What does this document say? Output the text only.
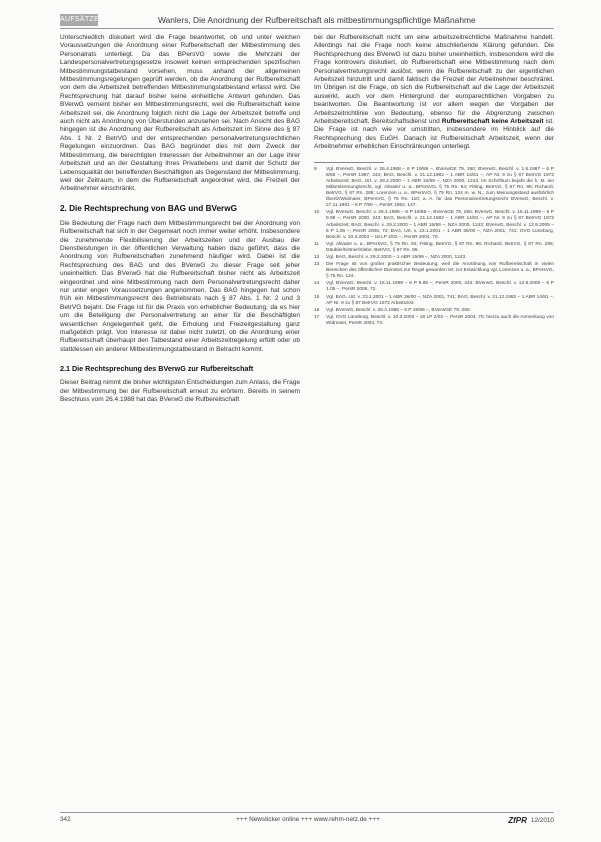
AUFSÄTZE	Wanlers, Die Anordnung der Rufbereitschaft als mitbestimmungspflichtige Maßnahme

Unterschiedlich diskutiert wird die Frage beantwortet, ob und unter welchen Voraussetzungen die Anordnung einer Rufbereitschaft der Mitbestimmung des Personalrats unterliegt. Da das BPersVG sowie die Mehrzahl der Landespersonalvertretungsgesetze insoweit keinen entsprechenden spezifischen Mitbestimmungstatbestand vorsehen, muss anhand der allgemeinen Mitbestimmungsregelungen geprüft werden, ob die Anordnung der Rufbereitschaft von dem die Arbeitszeit betreffenden Mitbestimmungstatbestand erfasst wird. Die Rechtsprechung hat darauf bisher keine einheitliche Antwort gefunden. Das BVerwG verneint bisher ein Mitbestimmungsrecht, weil die Rufbereitschaft keine Arbeitszeit sei, die Anordnung folglich nicht die Lage der Arbeitszeit betreffe und auch nicht als Anordnung von Überstunden anzusehen sei. Nach Ansicht des BAG hingegen ist die Anordnung der Rufbereitschaft als Arbeitszeit im Sinne des § 87 Abs. 1 Nr. 2 BetrVG und der entsprechenden personalvertretungsrechtlichen Regelungen einzuordnen. Das BAG begründet dies mit dem Zweck der Mitbestimmung, die berechtigten Interessen der Arbeitnehmer an der Lage ihrer Arbeitszeit und an der Gestaltung ihres Privatlebens und damit der Schutz der Lebensqualität der betreffenden Beschäftigten als Gegenstand der Mitbestimmung, weil der Zeitraum, in dem die Rufbereitschaft angeordnet wird, die Freizeit der Arbeitnehmer einschränkt.

2. Die Rechtsprechung von BAG und BVerwG

Die Bedeutung der Frage nach dem Mitbestimmungsrecht bei der Anordnung von Rufbereitschaft hat sich in der Gegenwart noch immer weiter erhöht. Insbesondere die zunehmende Flexibilisierung der Arbeitszeiten und der Ausbau der Dienstleistungen in der öffentlichen Verwaltung haben dazu geführt, dass die Anordnung von Rufbereitschaften zunehmend häufiger wird. Dabei ist die Rechtsprechung des BAG und des BVerwG zu dieser Frage seit jeher uneinheitlich. Das BVerwG hat die Rufbereitschaft bisher nicht als Arbeitszeit eingeordnet und eine Mitbestimmung nach dem Personalvertretungsrecht daher nur unter engen Voraussetzungen angenommen. Das BAG hingegen hat schon früh ein Mitbestimmungsrecht des Betriebsrats nach § 87 Abs. 1 Nr. 2 und 3 BetrVG bejaht. Die Frage ist für die Praxis von erheblicher Bedeutung, da es hier um die Beteiligung der Personalvertretung an einer für die Beschäftigten wesentlichen Angelegenheit geht, die Erholung und Freizeitgestaltung ganz maßgeblich prägt. Von Interesse ist dabei nicht zuletzt, ob die Anordnung einer Rufbereitschaft überhaupt den Tatbestand einer Arbeitszeitregelung erfüllt oder ob stattdessen ein anderer Mitbestimmungstatbestand in Betracht kommt.

2.1 Die Rechtsprechung des BVerwG zur Rufbereitschaft

Dieser Beitrag nimmt die bisher wichtigsten Entscheidungen zum Anlass, die Frage der Mitbestimmung bei der Rufbereitschaft erneut zu erörtern. Bereits in seinem Beschluss vom 26.4.1988 hat das BVerwG die Rufbereitschaft

bei der Rufbereitschaft nicht um eine arbeitszeitrechtliche Maßnahme handelt. Allerdings hat die Frage noch keine abschließende Klärung gefunden. Die Rechtsprechung des BVerwG ist dazu bisher uneinheitlich, insbesondere wird die Frage kontrovers diskutiert, ob Rufbereitschaft eine Mitbestimmung nach dem Personalvertretungsrecht auslöst, wenn die Rufbereitschaft zu der eigentlichen Arbeitszeit hinzutritt und damit faktisch die Freizeit der Arbeitnehmer beschränkt. Im Übrigen ist die Frage, ob sich die Rufbereitschaft auf die Lage der Arbeitszeit auswirkt, auch vor dem Hintergrund der europarechtlichen Vorgaben zu beantworten. Die Beantwortung ist vor allem wegen der Vorgaben der Arbeitszeitrichtlinie von Bedeutung, ebenso für die Abgrenzung zwischen Arbeitsbereitschaft, Bereitschaftsdienst und Rufbereitschaft keine Arbeitszeit ist. Die Frage ist nach wie vor umstritten, insbesondere im Hinblick auf die Rechtsprechung des EuGH. Danach ist Rufbereitschaft Arbeitszeit, wenn der Arbeitnehmer erheblichen Einschränkungen unterliegt.

9	Vgl. BVerwG, Beschl. v. 26.4.1988 – 6 P 19/86 –, BVerwGE 79, 260; BVerwG, Beschl. v. 1.6.1987 – 6 P 8/85 –, PersR 1987, 244; BAG, Beschl. v. 21.12.1982 – 1 ABR 14/81 –, AP Nr. 9 zu § 87 BetrVG 1972 Arbeitszeit; BAG, Urt. v. 29.2.2000 – 1 ABR 15/99 –, NZA 2000, 1243. Im Schrifttum bejaht die h. M. ein Mitbestimmungsrecht, vgl. Altvater u. a., BPersVG, § 75 Rn. 94; Fitting, BetrVG, § 87 Rn. 96; Richardi, BetrVG, § 87 Rn. 286; Lorenzen u. a., BPersVG, § 75 Rn. 124 m. w. N.; zum Meinungsstand ausführlich Ilbertz/Widmaier, BPersVG, § 75 Rn. 110; a. A. für das Personalvertretungsrecht BVerwG, Beschl. v. 27.11.1991 – 6 P 7/90 –, PersR 1992, 147.
10	Vgl. BVerwG, Beschl. v. 26.4.1988 – 6 P 19/86 –, BVerwGE 79, 260; BVerwG, Beschl. v. 16.11.1999 – 6 P 9.98 –, PersR 2000, 243; BAG, Beschl. v. 21.12.1982 – 1 ABR 14/81 –, AP Nr. 9 zu § 87 BetrVG 1972 Arbeitszeit; BAG, Beschl. v. 29.2.2000 – 1 ABR 15/99 –, NZA 2000, 1243; BVerwG, Beschl. v. 12.9.2005 – 6 P 1.05 –, PersR 2006, 72; BAG, Urt. v. 23.1.2001 – 1 ABR 36/00 –, NZA 2001, 741; OVG Lüneburg, Beschl. v. 10.3.2003 – 18 LP 2/02 –, PersR 2004, 70.
11	Vgl. Altvater u. a., BPersVG, § 75 Rn. 94; Fitting, BetrVG, § 87 Rn. 96; Richardi, BetrVG, § 87 Rn. 286; Däubler/Kittner/Klebe, BetrVG, § 87 Rn. 86.
12	Vgl. BAG, Beschl. v. 29.2.2000 – 1 ABR 15/99 –, NZA 2000, 1243.
13	Die Frage ist von großer praktischer Bedeutung, weil die Anordnung von Rufbereitschaft in vielen Bereichen des öffentlichen Dienstes zur Regel geworden ist; zur Entwicklung vgl. Lorenzen u. a., BPersVG, § 75 Rn. 124.
14	Vgl. BVerwG, Beschl. v. 16.11.1999 – 6 P 9.98 –, PersR 2000, 243; BVerwG, Beschl. v. 12.9.2005 – 6 P 1.05 –, PersR 2006, 72.
15	Vgl. BAG, Urt. v. 23.1.2001 – 1 ABR 36/00 –, NZA 2001, 741; BAG, Beschl. v. 21.12.1982 – 1 ABR 14/81 –, AP Nr. 9 zu § 87 BetrVG 1972 Arbeitszeit.
16	Vgl. BVerwG, Beschl. v. 26.4.1988 – 6 P 19/86 –, BVerwGE 79, 260.
17	Vgl. OVG Lüneburg, Beschl. v. 10.3.2003 – 18 LP 2/02 –, PersR 2004, 70; hierzu auch die Anmerkung von Widmaier, PersR 2004, 73.
342	+++ Newsticker online +++ www.rehm-netz.de +++	ZfPR 12/2010
